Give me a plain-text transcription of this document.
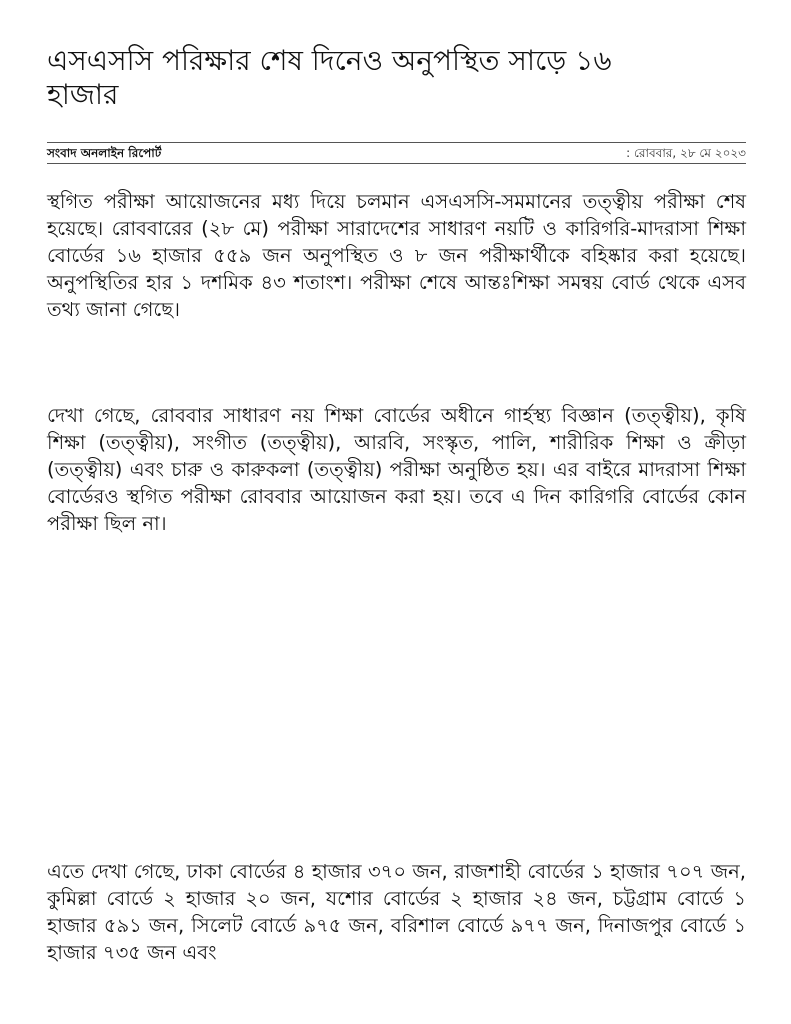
এসএসসি পরিক্ষার শেষ দিনেও অনুপস্থিত সাড়ে ১৬ হাজার
সংবাদ অনলাইন রিপোর্ট	: রোববার, ২৮ মে ২০২৩

স্থগিত পরীক্ষা আয়োজনের মধ্য দিয়ে চলমান এসএসসি-সমমানের তত্ত্বীয় পরীক্ষা শেষ হয়েছে। রোববারের (২৮ মে) পরীক্ষা সারাদেশের সাধারণ নয়টি ও কারিগরি-মাদরাসা শিক্ষা বোর্ডের ১৬ হাজার ৫৫৯ জন অনুপস্থিত ও ৮ জন পরীক্ষার্থীকে বহিষ্কার করা হয়েছে। অনুপস্থিতির হার ১ দশমিক ৪৩ শতাংশ। পরীক্ষা শেষে আন্তঃশিক্ষা সমন্বয় বোর্ড থেকে এসব তথ্য জানা গেছে।

দেখা গেছে, রোববার সাধারণ নয় শিক্ষা বোর্ডের অধীনে গার্হস্থ্য বিজ্ঞান (তত্ত্বীয়), কৃষি শিক্ষা (তত্ত্বীয়), সংগীত (তত্ত্বীয়), আরবি, সংস্কৃত, পালি, শারীরিক শিক্ষা ও ক্রীড়া (তত্ত্বীয়) এবং চারু ও কারুকলা (তত্ত্বীয়) পরীক্ষা অনুষ্ঠিত হয়। এর বাইরে মাদরাসা শিক্ষা বোর্ডেরও স্থগিত পরীক্ষা রোববার আয়োজন করা হয়। তবে এ দিন কারিগরি বোর্ডের কোন পরীক্ষা ছিল না।

এতে দেখা গেছে, ঢাকা বোর্ডের ৪ হাজার ৩৭০ জন, রাজশাহী বোর্ডের ১ হাজার ৭০৭ জন, কুমিল্লা বোর্ডে ২ হাজার ২০ জন, যশোর বোর্ডের ২ হাজার ২৪ জন, চট্টগ্রাম বোর্ডে ১ হাজার ৫৯১ জন, সিলেট বোর্ডে ৯৭৫ জন, বরিশাল বোর্ডে ৯৭৭ জন, দিনাজপুর বোর্ডে ১ হাজার ৭৩৫ জন এবং
